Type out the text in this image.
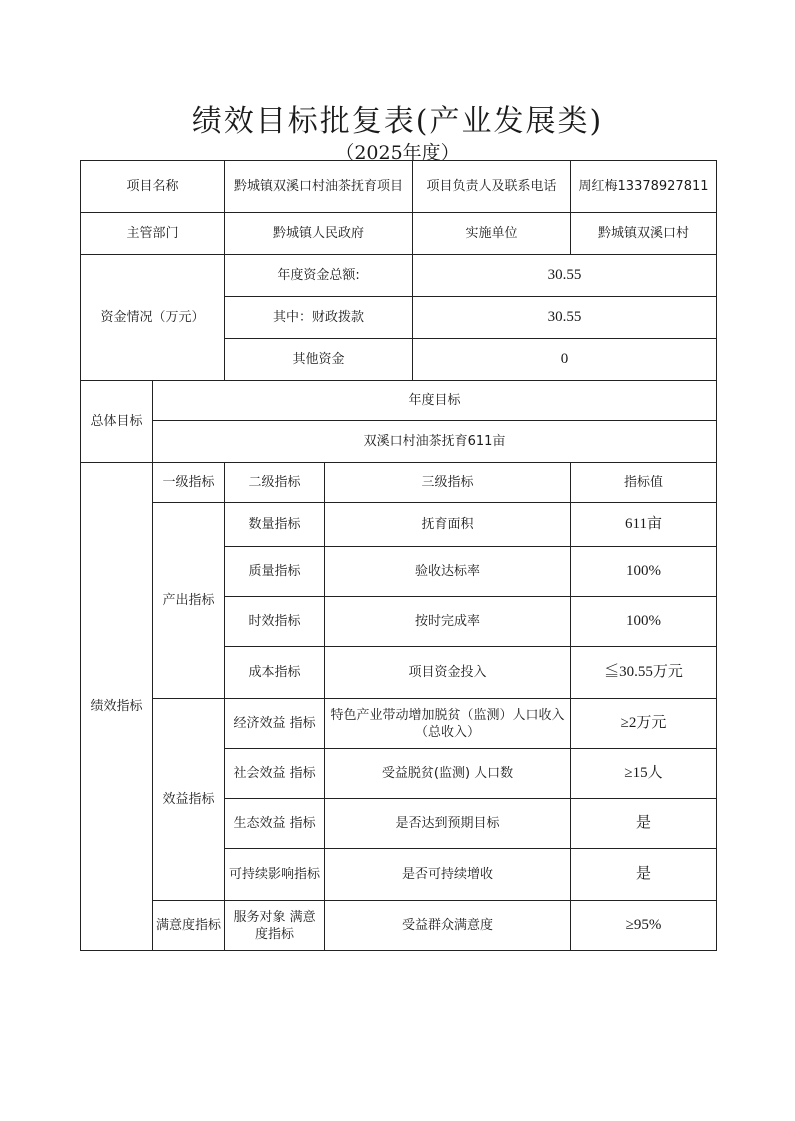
绩效目标批复表(产业发展类)
（2025年度）
项目名称		黔城镇双溪口村油茶抚育项目		项目负责人及联系电话	周红梅13378927811
主管部门		黔城镇人民政府		实施单位	黔城镇双溪口村
资金情况（万元）		年度资金总额:		30.55	
		其中：财政拨款		30.55	
		其他资金		0	
总体目标	年度目标				
	双溪口村油茶抚育611亩				
绩效指标	一级指标	二级指标	三级指标		指标值
	产出指标	数量指标	抚育面积		611亩
		质量指标	验收达标率		100%
		时效指标	按时完成率		100%
		成本指标	项目资金投入		≦30.55万元
	效益指标	经济效益 指标	特色产业带动增加脱贫（监测）人口收入（总收入）		≥2万元
		社会效益 指标	受益脱贫(监测) 人口数		≥15人
		生态效益 指标	是否达到预期目标		是
		可持续影响指标	是否可持续增收		是
	满意度指标	服务对象 满意度指标	受益群众满意度		≥95%
